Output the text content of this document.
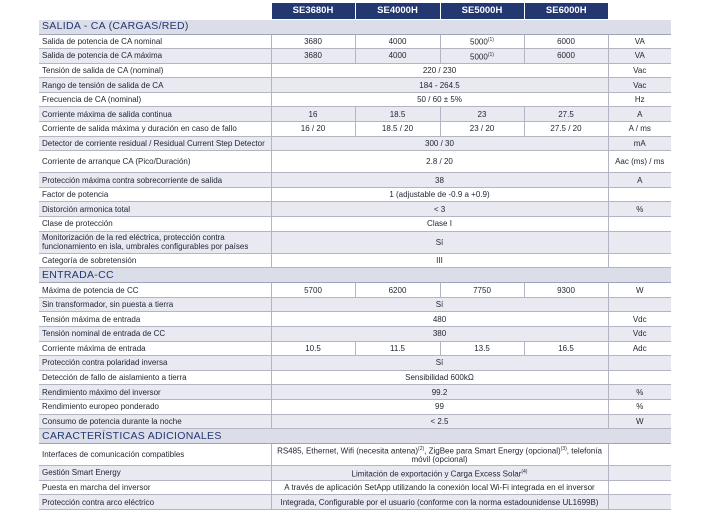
	SE3680H	SE4000H	SE5000H	SE6000H	
SALIDA - CA (CARGAS/RED)					
Salida de potencia de CA nominal	3680	4000	5000$^{(1)}$	6000	VA
Salida de potencia de CA máxima	3680	4000	5000$^{(1)}$	6000	VA
Tensión de salida de CA (nominal)	220 / 230				Vac
Rango de tensión de salida de CA	184 - 264.5				Vac
Frecuencia de CA (nominal)	50 / 60 ± 5%				Hz
Corriente máxima de salida continua	16	18.5	23	27.5	A
Corriente de salida máxima y duración en caso de fallo	16 / 20	18.5 / 20	23 / 20	27.5 / 20	A / ms
Detector de corriente residual / Residual Current Step Detector	300 / 30				mA
Corriente de arranque CA (Pico/Duración)	2.8 / 20				Aac (ms) / ms
Protección máxima contra sobrecorriente de salida	38				A
Factor de potencia	1 (adjustable de -0.9 a +0.9)				
Distorción armonica total	< 3				%
Clase de protección	Clase I				
Monitorización de la red eléctrica, protección contra funcionamiento en isla, umbrales configurables por países	Sí				
Categoría de sobretensión	III				
ENTRADA-CC					
Máxima de potencia de CC	5700	6200	7750	9300	W
Sin transformador, sin puesta a tierra	Sí				
Tensión máxima de entrada	480				Vdc
Tensión nominal de entrada de CC	380				Vdc
Corriente máxima de entrada	10.5	11.5	13.5	16.5	Adc
Protección contra polaridad inversa	Sí				
Detección de fallo de aislamiento a tierra	Sensibilidad 600kΩ				
Rendimiento máximo del inversor	99.2				%
Rendimiento europeo ponderado	99				%
Consumo de potencia durante la noche	< 2.5				W
CARACTERÍSTICAS ADICIONALES					
Interfaces de comunicación compatibles	RS485, Ethernet, Wifi (necesita antena)$^{(2)}$, ZigBee para Smart Energy (opcional)$^{(3)}$, telefonía móvil (opcional)				
Gestión Smart Energy	Limitación de exportación y Carga Excess Solar$^{(4)}$	
Puesta en marcha del inversor	A través de aplicación SetApp utilizando la conexión local Wi-Fi integrada en el inversor				
Protección contra arco eléctrico	Integrada, Configurable por el usuario (conforme con la norma estadounidense UL1699B)				
